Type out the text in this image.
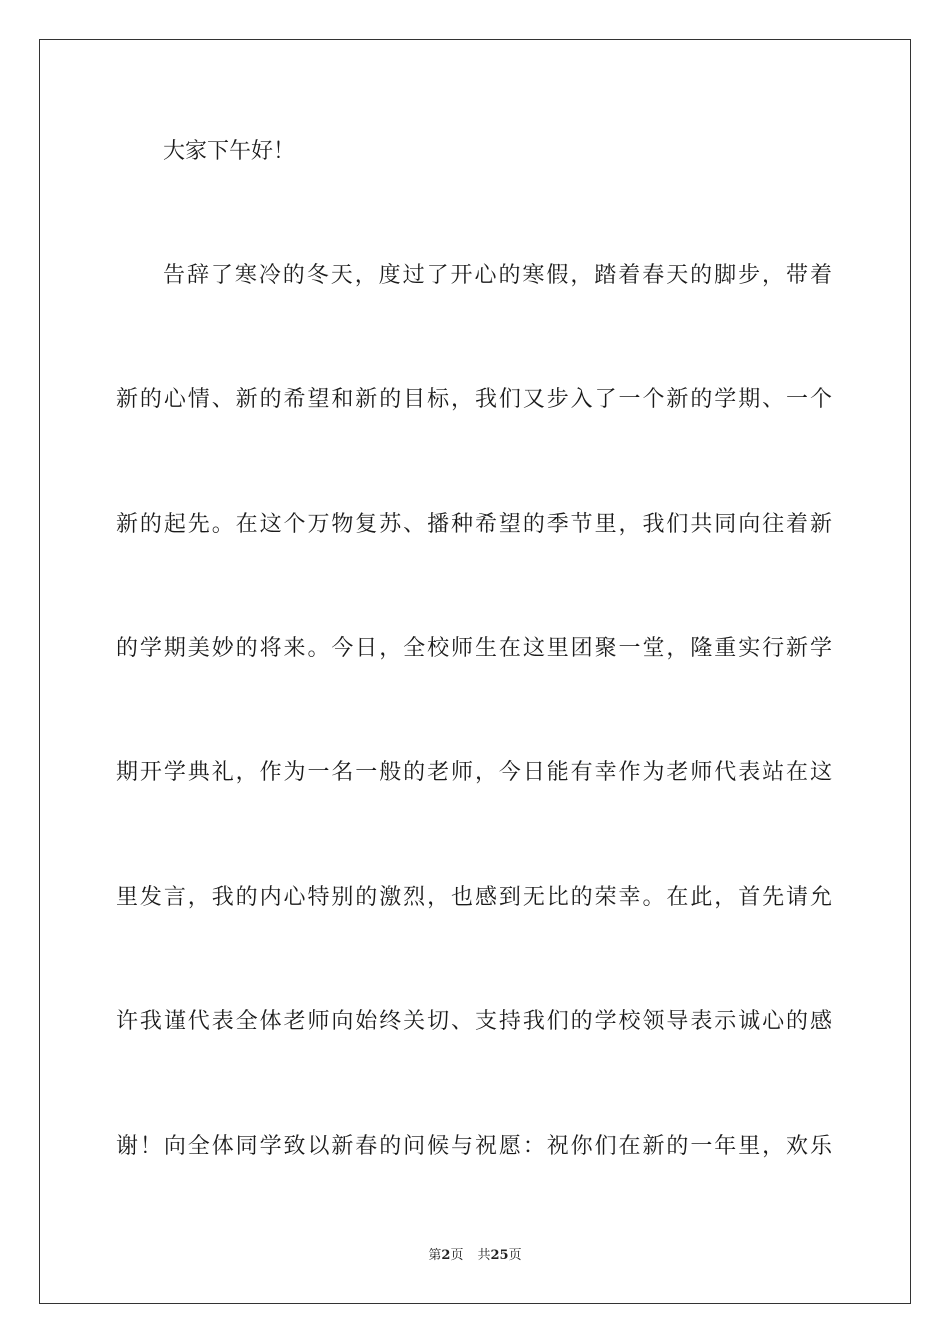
大家下午好！
告辞了寒冷的冬天，度过了开心的寒假，踏着春天的脚步，带着
新的心情、新的希望和新的目标，我们又步入了一个新的学期、一个
新的起先。在这个万物复苏、播种希望的季节里，我们共同向往着新
的学期美妙的将来。今日，全校师生在这里团聚一堂，隆重实行新学
期开学典礼，作为一名一般的老师，今日能有幸作为老师代表站在这
里发言，我的内心特别的激烈，也感到无比的荣幸。在此，首先请允
许我谨代表全体老师向始终关切、支持我们的学校领导表示诚心的感
谢！向全体同学致以新春的问候与祝愿：祝你们在新的一年里，欢乐
第2页 共25页
